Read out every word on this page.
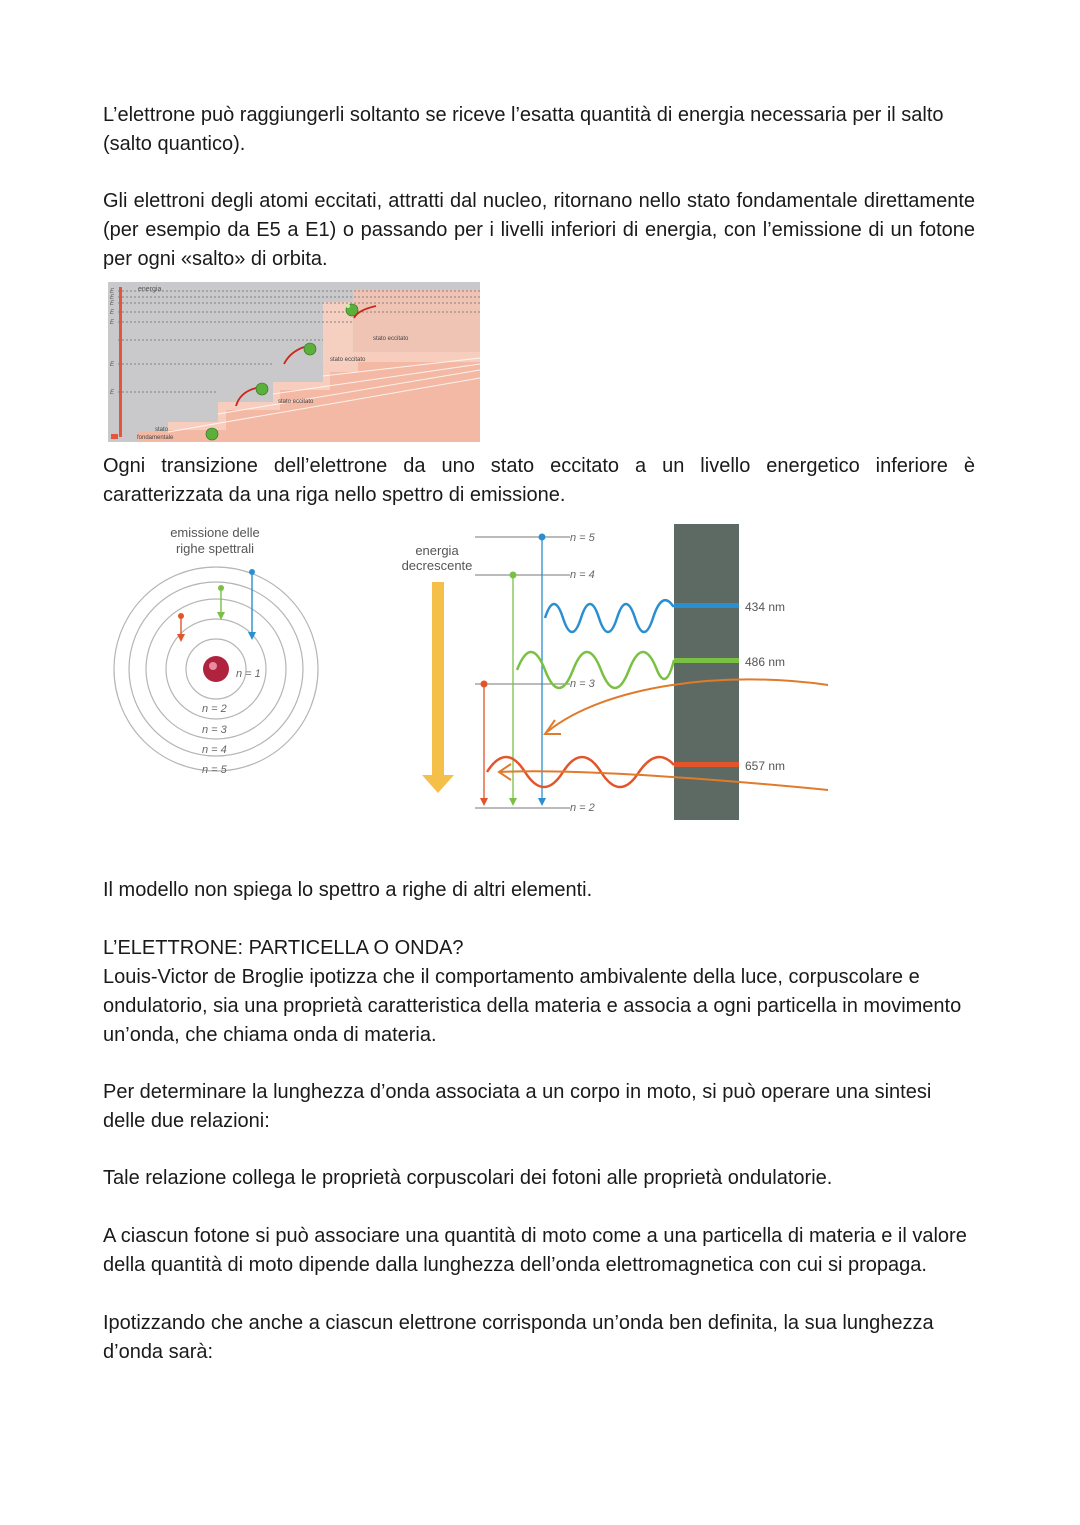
L’elettrone può raggiungerli soltanto se riceve l’esatta quantità di energia necessaria per il salto (salto quantico).

Gli elettroni degli atomi eccitati, attratti dal nucleo, ritornano nello stato fondamentale direttamente (per esempio da E5 a E1) o passando per i livelli inferiori di energia, con l’emissione di un fotone per ogni «salto» di orbita.

energia
E
E
E
E
E
E
E
stato eccitato
stato eccitato
stato eccitato
stato
fondamentale

Ogni transizione dell’elettrone da uno stato eccitato a un livello energetico inferiore è caratterizzata da una riga nello spettro di emissione.

emissione delle
righe spettrali
n = 1
n = 2
n = 3
n = 4
n = 5
energia
decrescente
n = 5
n = 4
n = 3
n = 2
434 nm
486 nm
657 nm

Il modello non spiega lo spettro a righe di altri elementi.

L’ELETTRONE: PARTICELLA O ONDA?

Louis-Victor de Broglie ipotizza che il comportamento ambivalente della luce, corpuscolare e ondulatorio, sia una proprietà caratteristica della materia e associa a ogni particella in movimento un’onda, che chiama onda di materia.

Per determinare la lunghezza d’onda associata a un corpo in moto, si può operare una sintesi delle due relazioni:

Tale relazione collega le proprietà corpuscolari dei fotoni alle proprietà ondulatorie.

A ciascun fotone si può associare una quantità di moto come a una particella di materia e il valore della quantità di moto dipende dalla lunghezza dell’onda elettromagnetica con cui si propaga.

Ipotizzando che anche a ciascun elettrone corrisponda un’onda ben definita, la sua lunghezza d’onda sarà:
